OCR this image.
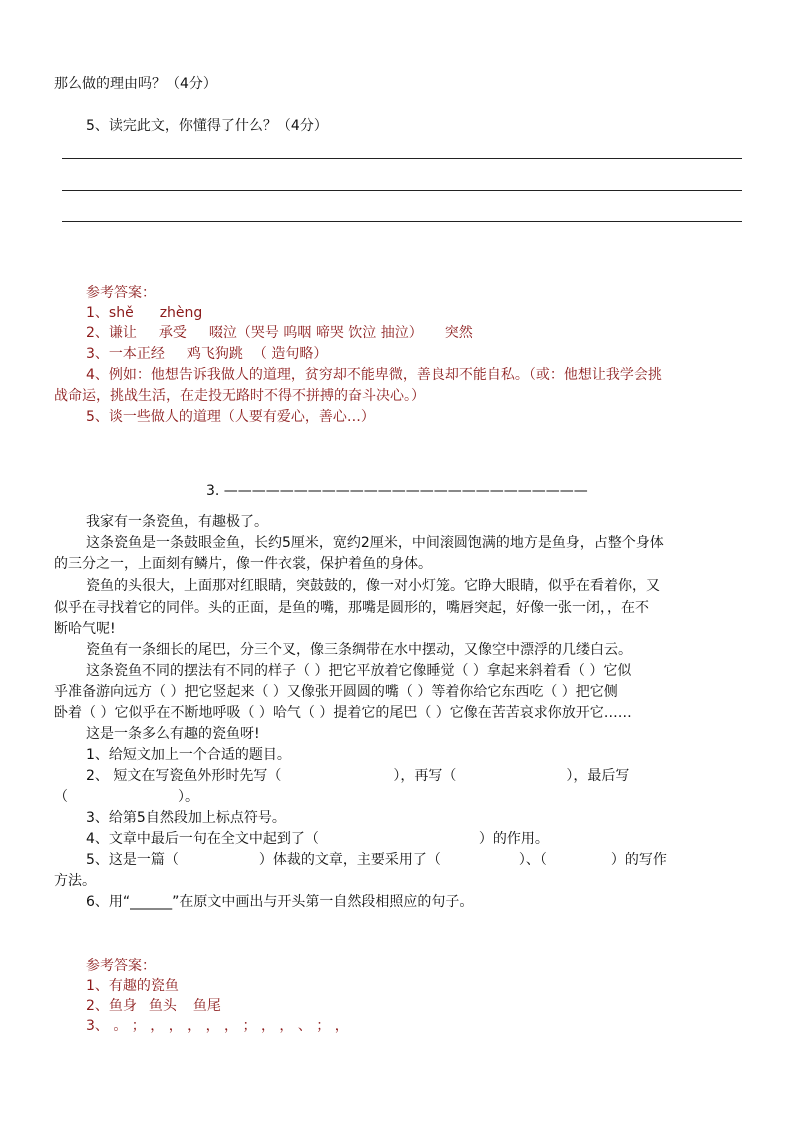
那么做的理由吗？（4分）
5、读完此文，你懂得了什么？（4分）
参考答案：
1、shě zhèng
2、谦让 承受 啜泣（哭号 呜咽 啼哭 饮泣 抽泣） 突然
3、一本正经 鸡飞狗跳 （ 造句略）
4、例如：他想告诉我做人的道理，贫穷却不能卑微，善良却不能自私。（或：他想让我学会挑
战命运，挑战生活，在走投无路时不得不拼搏的奋斗决心。）
5、谈一些做人的道理（人要有爱心，善心…）
3. ——————————————————————————
我家有一条瓷鱼，有趣极了。
这条瓷鱼是一条鼓眼金鱼，长约5厘米，宽约2厘米，中间滚圆饱满的地方是鱼身，占整个身体
的三分之一，上面刻有鳞片，像一件衣裳，保护着鱼的身体。
瓷鱼的头很大，上面那对红眼睛，突鼓鼓的，像一对小灯笼。它睁大眼睛，似乎在看着你，又
似乎在寻找着它的同伴。头的正面，是鱼的嘴，那嘴是圆形的，嘴唇突起，好像一张一闭，，在不
断哈气呢!
瓷鱼有一条细长的尾巴，分三个叉，像三条绸带在水中摆动，又像空中漂浮的几缕白云。
这条瓷鱼不同的摆法有不同的样子（ ）把它平放着它像睡觉（ ）拿起来斜着看（ ）它似
乎准备游向远方（ ）把它竖起来（ ）又像张开圆圆的嘴（ ）等着你给它东西吃（ ）把它侧
卧着（ ）它似乎在不断地呼吸（ ）哈气（ ）提着它的尾巴（ ）它像在苦苦哀求你放开它……
这是一条多么有趣的瓷鱼呀!
1、给短文加上一个合适的题目。
2、 短文在写瓷鱼外形时先写（	），再写（	），最后写
（	）。
3、给第5自然段加上标点符号。
4、文章中最后一句在全文中起到了（	）的作用。
5、这是一篇（	）体裁的文章，主要采用了（	）、（	）的写作
方法。
6、用“______”在原文中画出与开头第一自然段相照应的句子。
参考答案：
1、有趣的瓷鱼
2、鱼身 鱼头 鱼尾
3、 。 ； ， ， ， ， ， ； ， ， 、 ； ，
